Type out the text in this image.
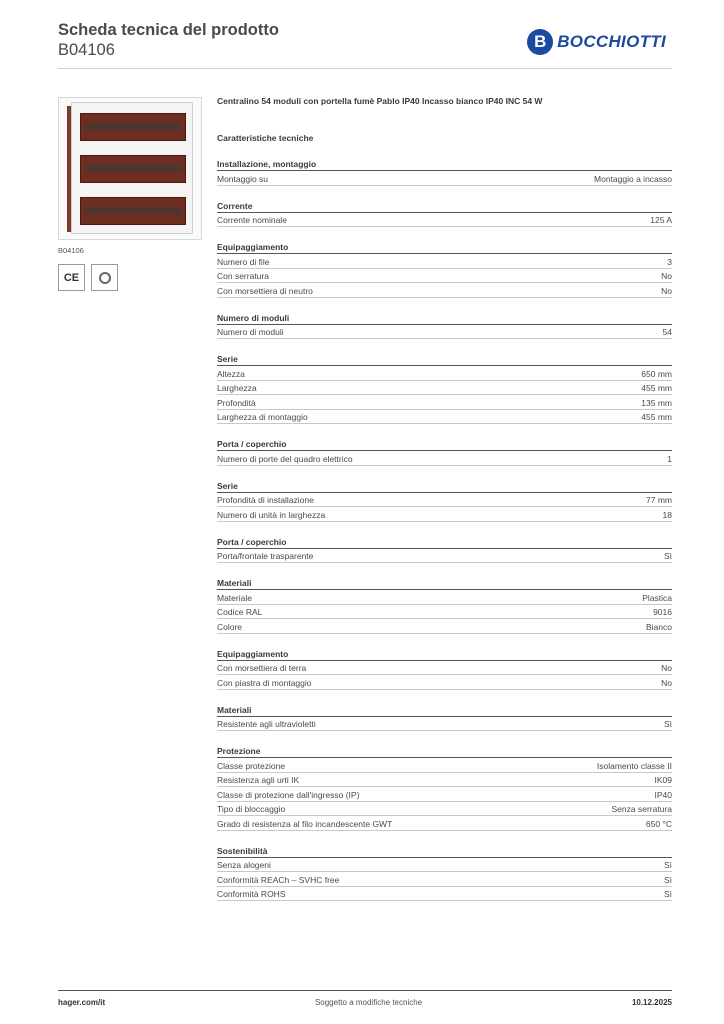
Scheda tecnica del prodotto
B04106	B BOCCHIOTTI
B04106
CE
Centralino 54 moduli con portella fumè Pablo IP40 Incasso bianco IP40 INC 54 W
Caratteristiche tecniche
Installazione, montaggio
Montaggio su	Montaggio a incasso
Corrente
Corrente nominale	125 A
Equipaggiamento
Numero di file	3
Con serratura	No
Con morsettiera di neutro	No
Numero di moduli
Numero di moduli	54
Serie
Altezza	650 mm
Larghezza	455 mm
Profondità	135 mm
Larghezza di montaggio	455 mm
Porta / coperchio
Numero di porte del quadro elettrico	1
Serie
Profondità di installazione	77 mm
Numero di unità in larghezza	18
Porta / coperchio
Porta/frontale trasparente	Sì
Materiali
Materiale	Plastica
Codice RAL	9016
Colore	Bianco
Equipaggiamento
Con morsettiera di terra	No
Con piastra di montaggio	No
Materiali
Resistente agli ultravioletti	Sì
Protezione
Classe protezione	Isolamento classe II
Resistenza agli urti IK	IK09
Classe di protezione dall'ingresso (IP)	IP40
Tipo di bloccaggio	Senza serratura
Grado di resistenza al filo incandescente GWT	650 °C
Sostenibilità
Senza alogeni	Sì
Conformità REACh – SVHC free	Sì
Conformità ROHS	Sì
hager.com/it	Soggetto a modifiche tecniche	10.12.2025
